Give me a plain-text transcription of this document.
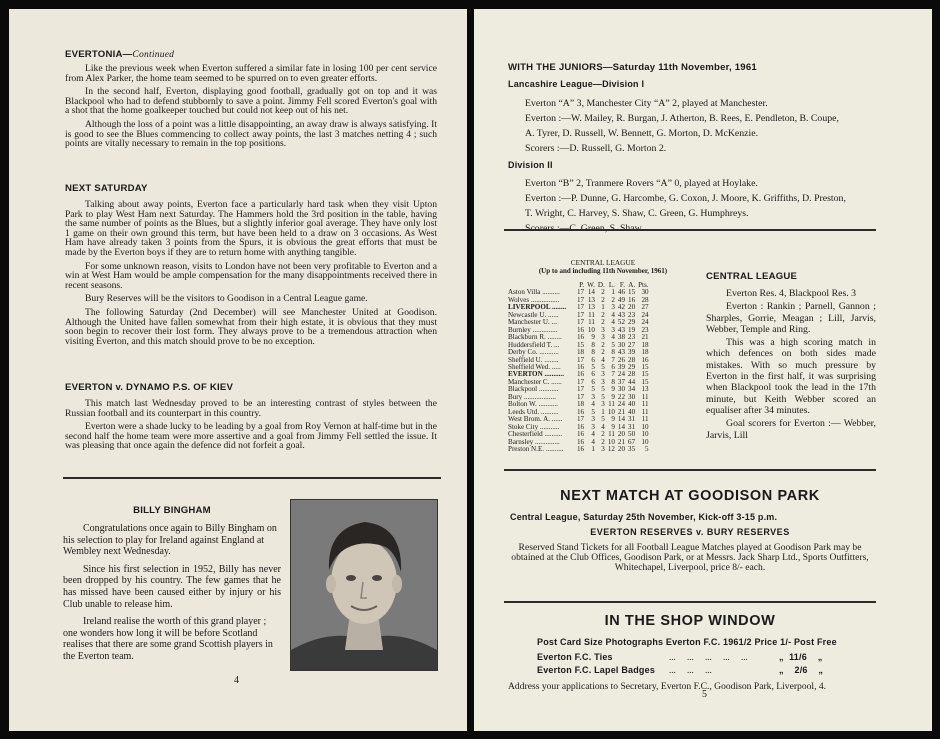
EVERTONIA—Continued

Like the previous week when Everton suffered a similar fate in losing 100 per cent service from Alex Parker, the home team seemed to be spurred on to even greater efforts.

In the second half, Everton, displaying good football, gradually got on top and it was Blackpool who had to defend stubbornly to save a point. Jimmy Fell scored Everton's goal with a shot that the home goalkeeper touched but could not keep out of his net.

Although the loss of a point was a little disappointing, an away draw is always satisfying. It is good to see the Blues commencing to collect away points, the last 3 matches netting 4 ; such points are vitally necessary to remain in the top positions.

NEXT SATURDAY

Talking about away points, Everton face a particularly hard task when they visit Upton Park to play West Ham next Saturday. The Hammers hold the 3rd position in the table, having the same number of points as the Blues, but a slightly inferior goal average. They have only lost 1 game on their own ground this term, but have been held to a draw on 3 occasions. As West Ham have already taken 3 points from the Spurs, it is obvious the great efforts that must be made by the Everton boys if they are to return home with anything tangible.

For some unknown reason, visits to London have not been very profitable to Everton and a win at West Ham would be ample compensation for the many disappointments received there in recent seasons.

Bury Reserves will be the visitors to Goodison in a Central League game.

The following Saturday (2nd December) will see Manchester United at Goodison. Although the United have fallen somewhat from their high estate, it is obvious that they must soon begin to recover their lost form. They always prove to be a tremendous attraction when visiting Everton, and this match should prove to be no exception.

EVERTON v. DYNAMO P.S. OF KIEV

This match last Wednesday proved to be an interesting contrast of styles between the Russian football and its counterpart in this country.

Everton were a shade lucky to be leading by a goal from Roy Vernon at half-time but in the second half the home team were more assertive and a goal from Jimmy Fell settled the issue. It was pleasing that once again the defence did not forfeit a goal.

BILLY BINGHAM

Congratulations once again to Billy Bingham on his selection to play for Ireland against England at Wembley next Wednesday.

Since his first selection in 1952, Billy has never been dropped by his country. The few games that he has missed have been caused either by injury or his Club unable to release him.

Ireland realise the worth of this grand player ; one wonders how long it will be before Scotland realises that there are some grand Scottish players in the Everton team.

4
WITH THE JUNIORS—Saturday 11th November, 1961
Lancashire League—Division I
Everton “A” 3, Manchester City “A” 2, played at Manchester.
Everton :—W. Mailey, R. Burgan, J. Atherton, B. Rees, E. Pendleton, B. Coupe,
A. Tyrer, D. Russell, W. Bennett, G. Morton, D. McKenzie.
Scorers :—D. Russell, G. Morton 2.
Division II
Everton “B” 2, Tranmere Rovers “A” 0, played at Hoylake.
Everton :—P. Dunne, G. Harcombe, G. Coxon, J. Moore, K. Griffiths, D. Preston,
T. Wright, C. Harvey, S. Shaw, C. Green, G. Humphreys.
CENTRAL LEAGUE
(Up to and including 11th November, 1961)
	P.	W.	D.	L.	F.	A.	Pts.
Aston Villa ..........	17	14	2	1	46	15	30
Wolves ................	17	13	2	2	49	16	28
LIVERPOOL ........	17	13	1	3	42	20	27
Newcastle U. ......	17	11	2	4	43	23	24
Manchester U. ...	17	11	2	4	52	29	24
Burnley ..............	16	10	3	3	43	19	23
Blackburn R. ........	16	9	3	4	38	23	21
Huddersfield T. ...	15	8	2	5	30	27	18
Derby Co. ...........	18	8	2	8	43	39	18
Sheffield U. ........	17	6	4	7	26	28	16
Sheffield Wed. .....	16	5	5	6	39	29	15
EVERTON ...........	16	6	3	7	24	28	15
Manchester C. ......	17	6	3	8	37	44	15
Blackpool ...........	17	5	5	9	30	34	13
Bury ..................	17	3	5	9	22	30	11
Bolton W. ...........	18	4	3	11	24	40	11
Leeds Utd. ..........	16	5	1	10	21	40	11
West Brom. A. ......	17	3	5	9	14	31	11
Stoke City ...........	16	3	4	9	14	31	10
Chesterfield ..........	16	4	2	11	20	50	10
Barnsley ..............	16	4	2	10	21	67	10
Preston N.E. ..........	16	1	3	12	20	35	5
CENTRAL LEAGUE

Everton Res. 4, Blackpool Res. 3

Everton : Rankin ; Parnell, Gannon ; Sharples, Gorrie, Meagan ; Lill, Jarvis, Webber, Temple and Ring.

This was a high scoring match in which defences on both sides made mistakes. With so much pressure by Everton in the first half, it was surprising when Blackpool took the lead in the 17th minute, but Keith Webber scored an equaliser after 34 minutes.

Goal scorers for Everton :— Webber, Jarvis, Lill

NEXT MATCH AT GOODISON PARK
Central League, Saturday 25th November, Kick-off 3-15 p.m.
EVERTON RESERVES v. BURY RESERVES
Reserved Stand Tickets for all Football League Matches played at Goodison Park may be obtained at the Club Offices, Goodison Park, or at Messrs. Jack Sharp Ltd., Sports Outfitters, Whitechapel, Liverpool, price 8/- each.
IN THE SHOP WINDOW
Post Card Size Photographs Everton F.C. 1961/2 Price 1/- Post Free
Everton F.C. Ties	...     ...     ...     ...     ...	„  11/6    „
Everton F.C. Lapel Badges ...     ...     ...	„    2/6    „
Address your applications to Secretary, Everton F.C., Goodison Park, Liverpool, 4.
5
